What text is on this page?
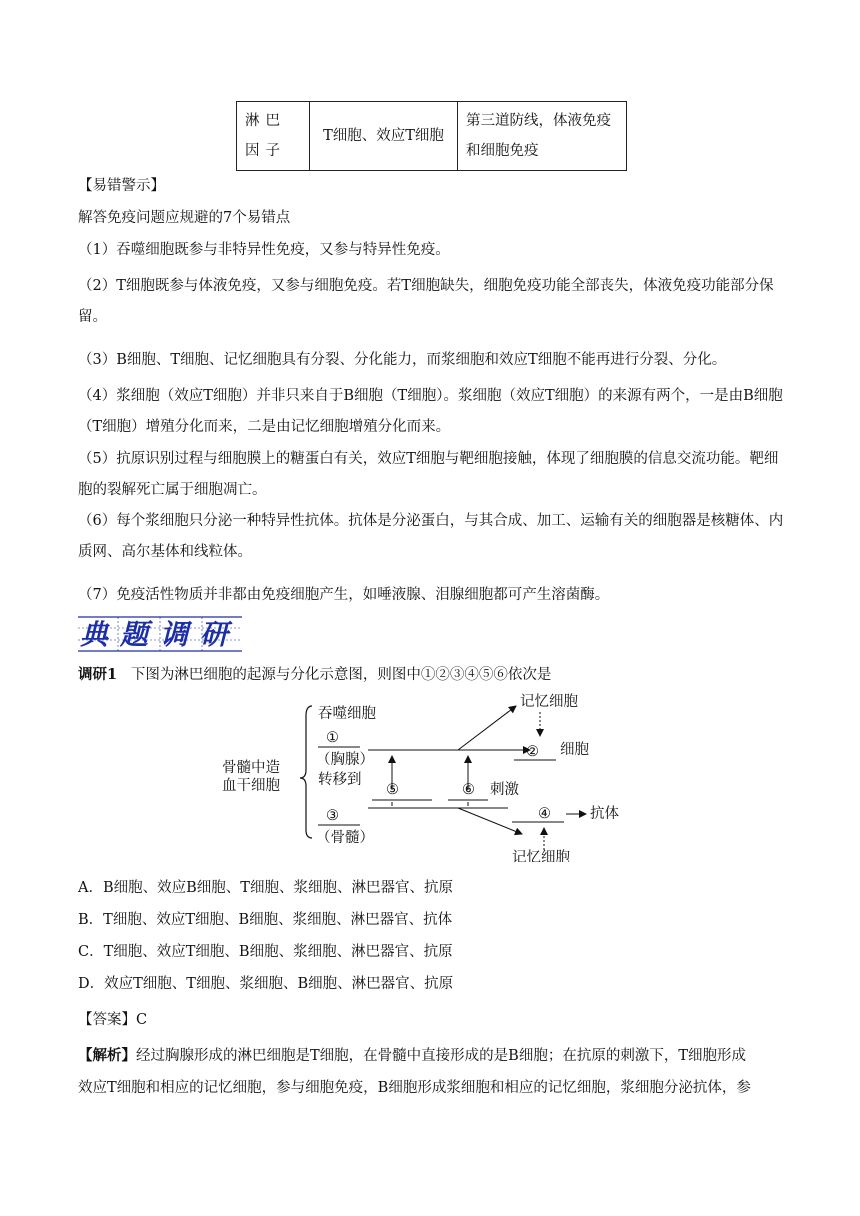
淋巴因子	T细胞、效应T细胞	第三道防线，体液免疫
和细胞免疫
【易错警示】
解答免疫问题应规避的7个易错点
（1）吞噬细胞既参与非特异性免疫，又参与特异性免疫。
（2）T细胞既参与体液免疫，又参与细胞免疫。若T细胞缺失，细胞免疫功能全部丧失，体液免疫功能部分保留。
（3）B细胞、T细胞、记忆细胞具有分裂、分化能力，而浆细胞和效应T细胞不能再进行分裂、分化。
（4）浆细胞（效应T细胞）并非只来自于B细胞（T细胞）。浆细胞（效应T细胞）的来源有两个，一是由B细胞（T细胞）增殖分化而来，二是由记忆细胞增殖分化而来。
（5）抗原识别过程与细胞膜上的糖蛋白有关，效应T细胞与靶细胞接触，体现了细胞膜的信息交流功能。靶细胞的裂解死亡属于细胞凋亡。
（6）每个浆细胞只分泌一种特异性抗体。抗体是分泌蛋白，与其合成、加工、运输有关的细胞器是核糖体、内质网、高尔基体和线粒体。
（7）免疫活性物质并非都由免疫细胞产生，如唾液腺、泪腺细胞都可产生溶菌酶。
典题调研
调研1 下图为淋巴细胞的起源与分化示意图，则图中①②③④⑤⑥依次是
骨髓中造
血干细胞
吞噬细胞
①
（胸腺）
转移到
③
（骨髓）
⑤	⑥ 刺激
记忆细胞
② 细胞
④	抗体
记忆细胞
A．B细胞、效应B细胞、T细胞、浆细胞、淋巴器官、抗原
B．T细胞、效应T细胞、B细胞、浆细胞、淋巴器官、抗体
C．T细胞、效应T细胞、B细胞、浆细胞、淋巴器官、抗原
D．效应T细胞、T细胞、浆细胞、B细胞、淋巴器官、抗原
【答案】C
【解析】经过胸腺形成的淋巴细胞是T细胞，在骨髓中直接形成的是B细胞；在抗原的刺激下，T细胞形成
效应T细胞和相应的记忆细胞，参与细胞免疫，B细胞形成浆细胞和相应的记忆细胞，浆细胞分泌抗体，参
